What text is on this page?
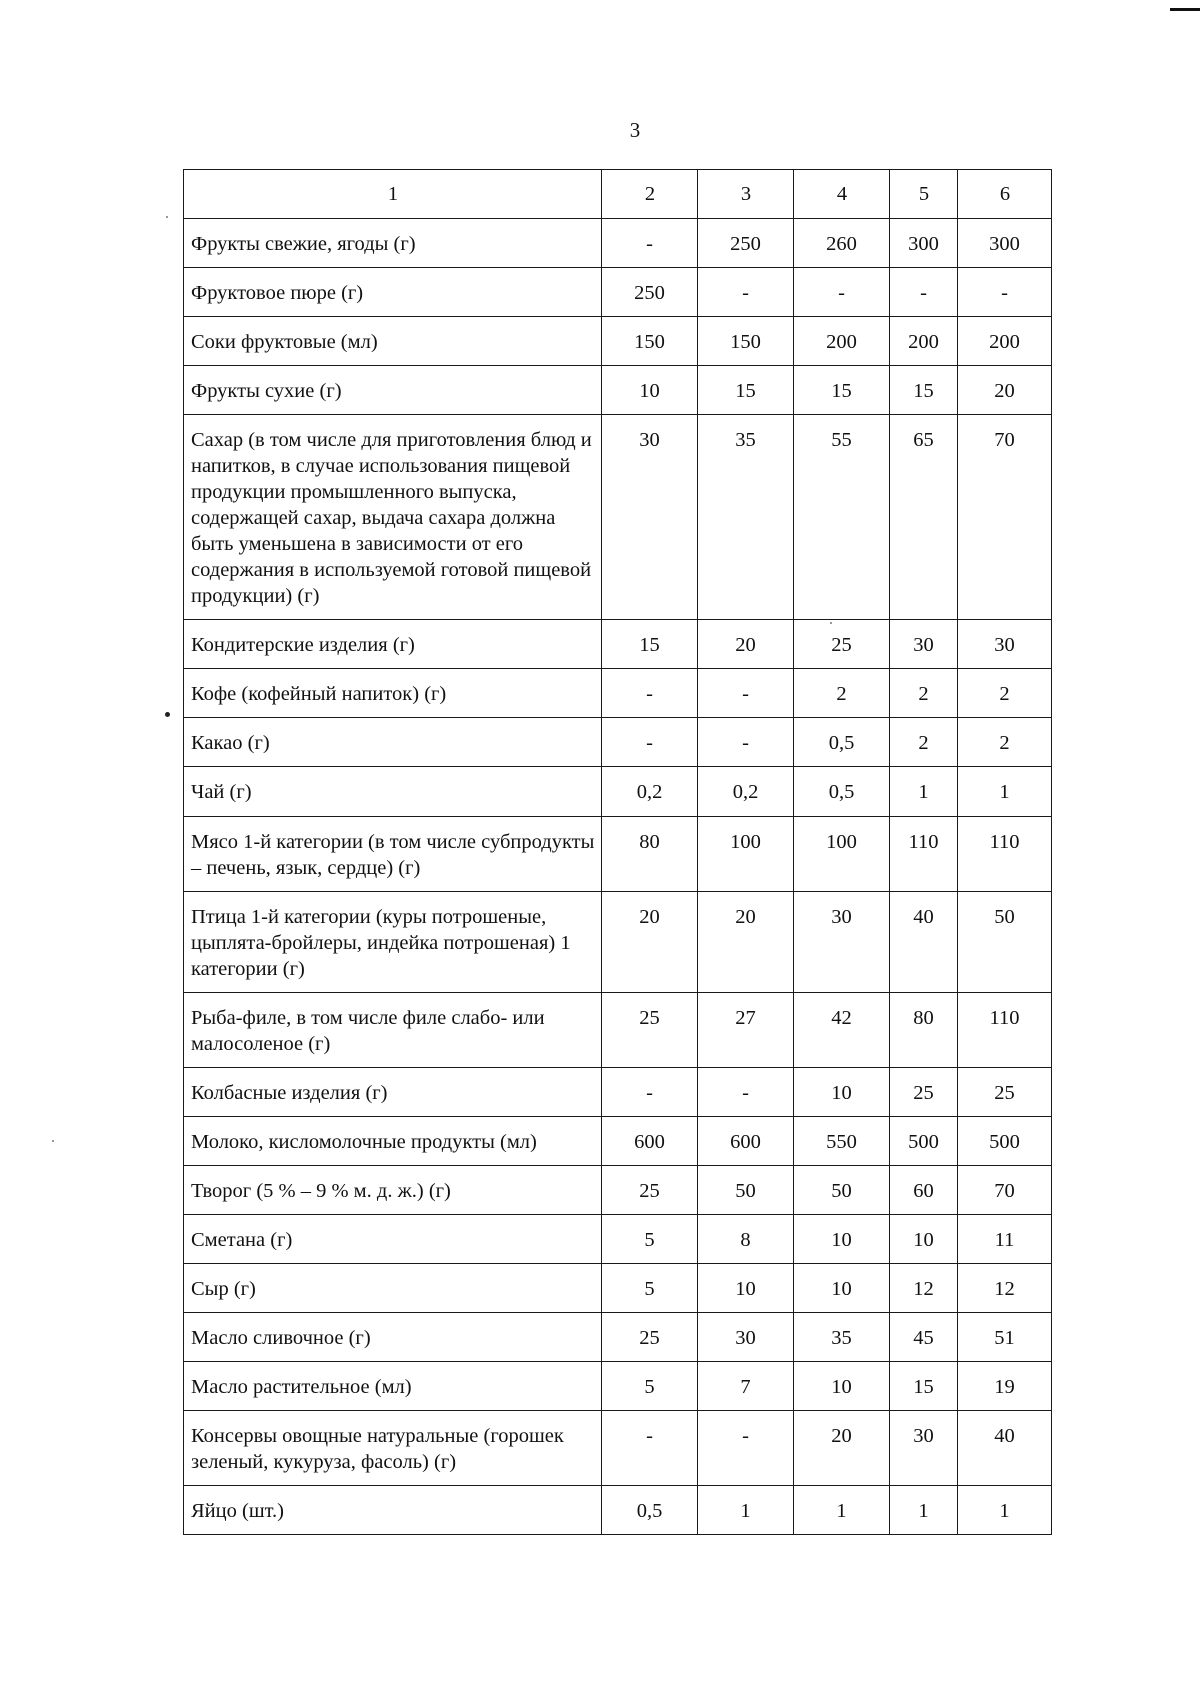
3
1	2	3	4	5	6
Фрукты свежие, ягоды (г)	-	250	260	300	300
Фруктовое пюре (г)	250	-	-	-	-
Соки фруктовые (мл)	150	150	200	200	200
Фрукты сухие (г)	10	15	15	15	20
Сахар (в том числе для приготовления блюд и напитков, в случае использования пищевой продукции промышленного выпуска, содержащей сахар, выдача сахара должна быть уменьшена в зависимости от его содержания в используемой готовой пищевой продукции) (г)	30	35	55	65	70
Кондитерские изделия (г)	15	20	25	30	30
Кофе (кофейный напиток) (г)	-	-	2	2	2
Какао (г)	-	-	0,5	2	2
Чай (г)	0,2	0,2	0,5	1	1
Мясо 1-й категории (в том числе субпродукты – печень, язык, сердце) (г)	80	100	100	110	110
Птица 1-й категории (куры потрошеные, цыплята-бройлеры, индейка потрошеная) 1 категории (г)	20	20	30	40	50
Рыба-филе, в том числе филе слабо- или малосоленое (г)	25	27	42	80	110
Колбасные изделия (г)	-	-	10	25	25
Молоко, кисломолочные продукты (мл)	600	600	550	500	500
Творог (5 % – 9 % м. д. ж.) (г)	25	50	50	60	70
Сметана (г)	5	8	10	10	11
Сыр (г)	5	10	10	12	12
Масло сливочное (г)	25	30	35	45	51
Масло растительное (мл)	5	7	10	15	19
Консервы овощные натуральные (горошек зеленый, кукуруза, фасоль) (г)	-	-	20	30	40
Яйцо (шт.)	0,5	1	1	1	1
